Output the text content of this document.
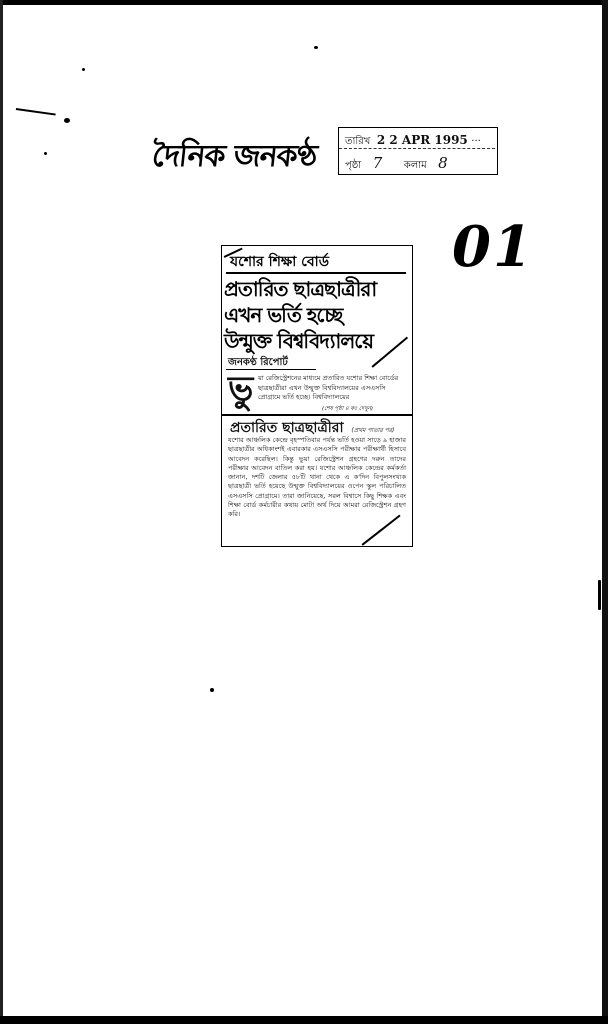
দৈনিক জনকণ্ঠ	তারিখ 2 2 APR 1995 ···
পৃষ্ঠা 7 কলাম 8
01
যশোর শিক্ষা বোর্ড
প্রতারিত ছাত্রছাত্রীরা
এখন ভর্তি হচ্ছে
উন্মুক্ত বিশ্ববিদ্যালয়ে
জনকণ্ঠ রিপোর্ট
ভু য়া রেজিস্ট্রেশনের মাধ্যমে প্রতারিত যশোর শিক্ষা বোর্ডের ছাত্রছাত্রীরা এখন উন্মুক্ত বিশ্ববিদ্যালয়ের এসএসসি প্রোগ্রামে ভর্তি হচ্ছে। বিশ্ববিদ্যালয়ের
(শেষ পৃষ্ঠা ৪ কঃ দেখুন)
প্রতারিত ছাত্রছাত্রীরা (প্রথম পাতার পর)
যশোর আঞ্চলিক কেন্দ্রে বৃহস্পতিবার পর্যন্ত ভর্তি হওয়া সাড়ে ৯ হাজার ছাত্রছাত্রীর অধিকাংশই এবারকার এসএসসি পরীক্ষার পরীক্ষার্থী হিসাবে আবেদন করেছিল। কিন্তু ভুয়া রেজিস্ট্রেশন গ্রহণের দরুন তাদের পরীক্ষার আবেদন বাতিল করা হয়। যশোর আঞ্চলিক কেন্দ্রের কর্মকর্তা জানান, দশটি জেলার ৫৮টি থানা থেকে এ ক'দিন বিপুলসংখ্যক ছাত্রছাত্রী ভর্তি হয়েছে উন্মুক্ত বিশ্ববিদ্যালয়ের ওপেন স্কুল পরিচালিত এসএসসি প্রোগ্রামে। তারা জানিয়েছে, সরল বিশ্বাসে কিছু শিক্ষক এবং শিক্ষা বোর্ড কর্মচারীর কথায় মোটা অর্থ দিয়ে আমরা রেজিস্ট্রেশন গ্রহণ করি।
